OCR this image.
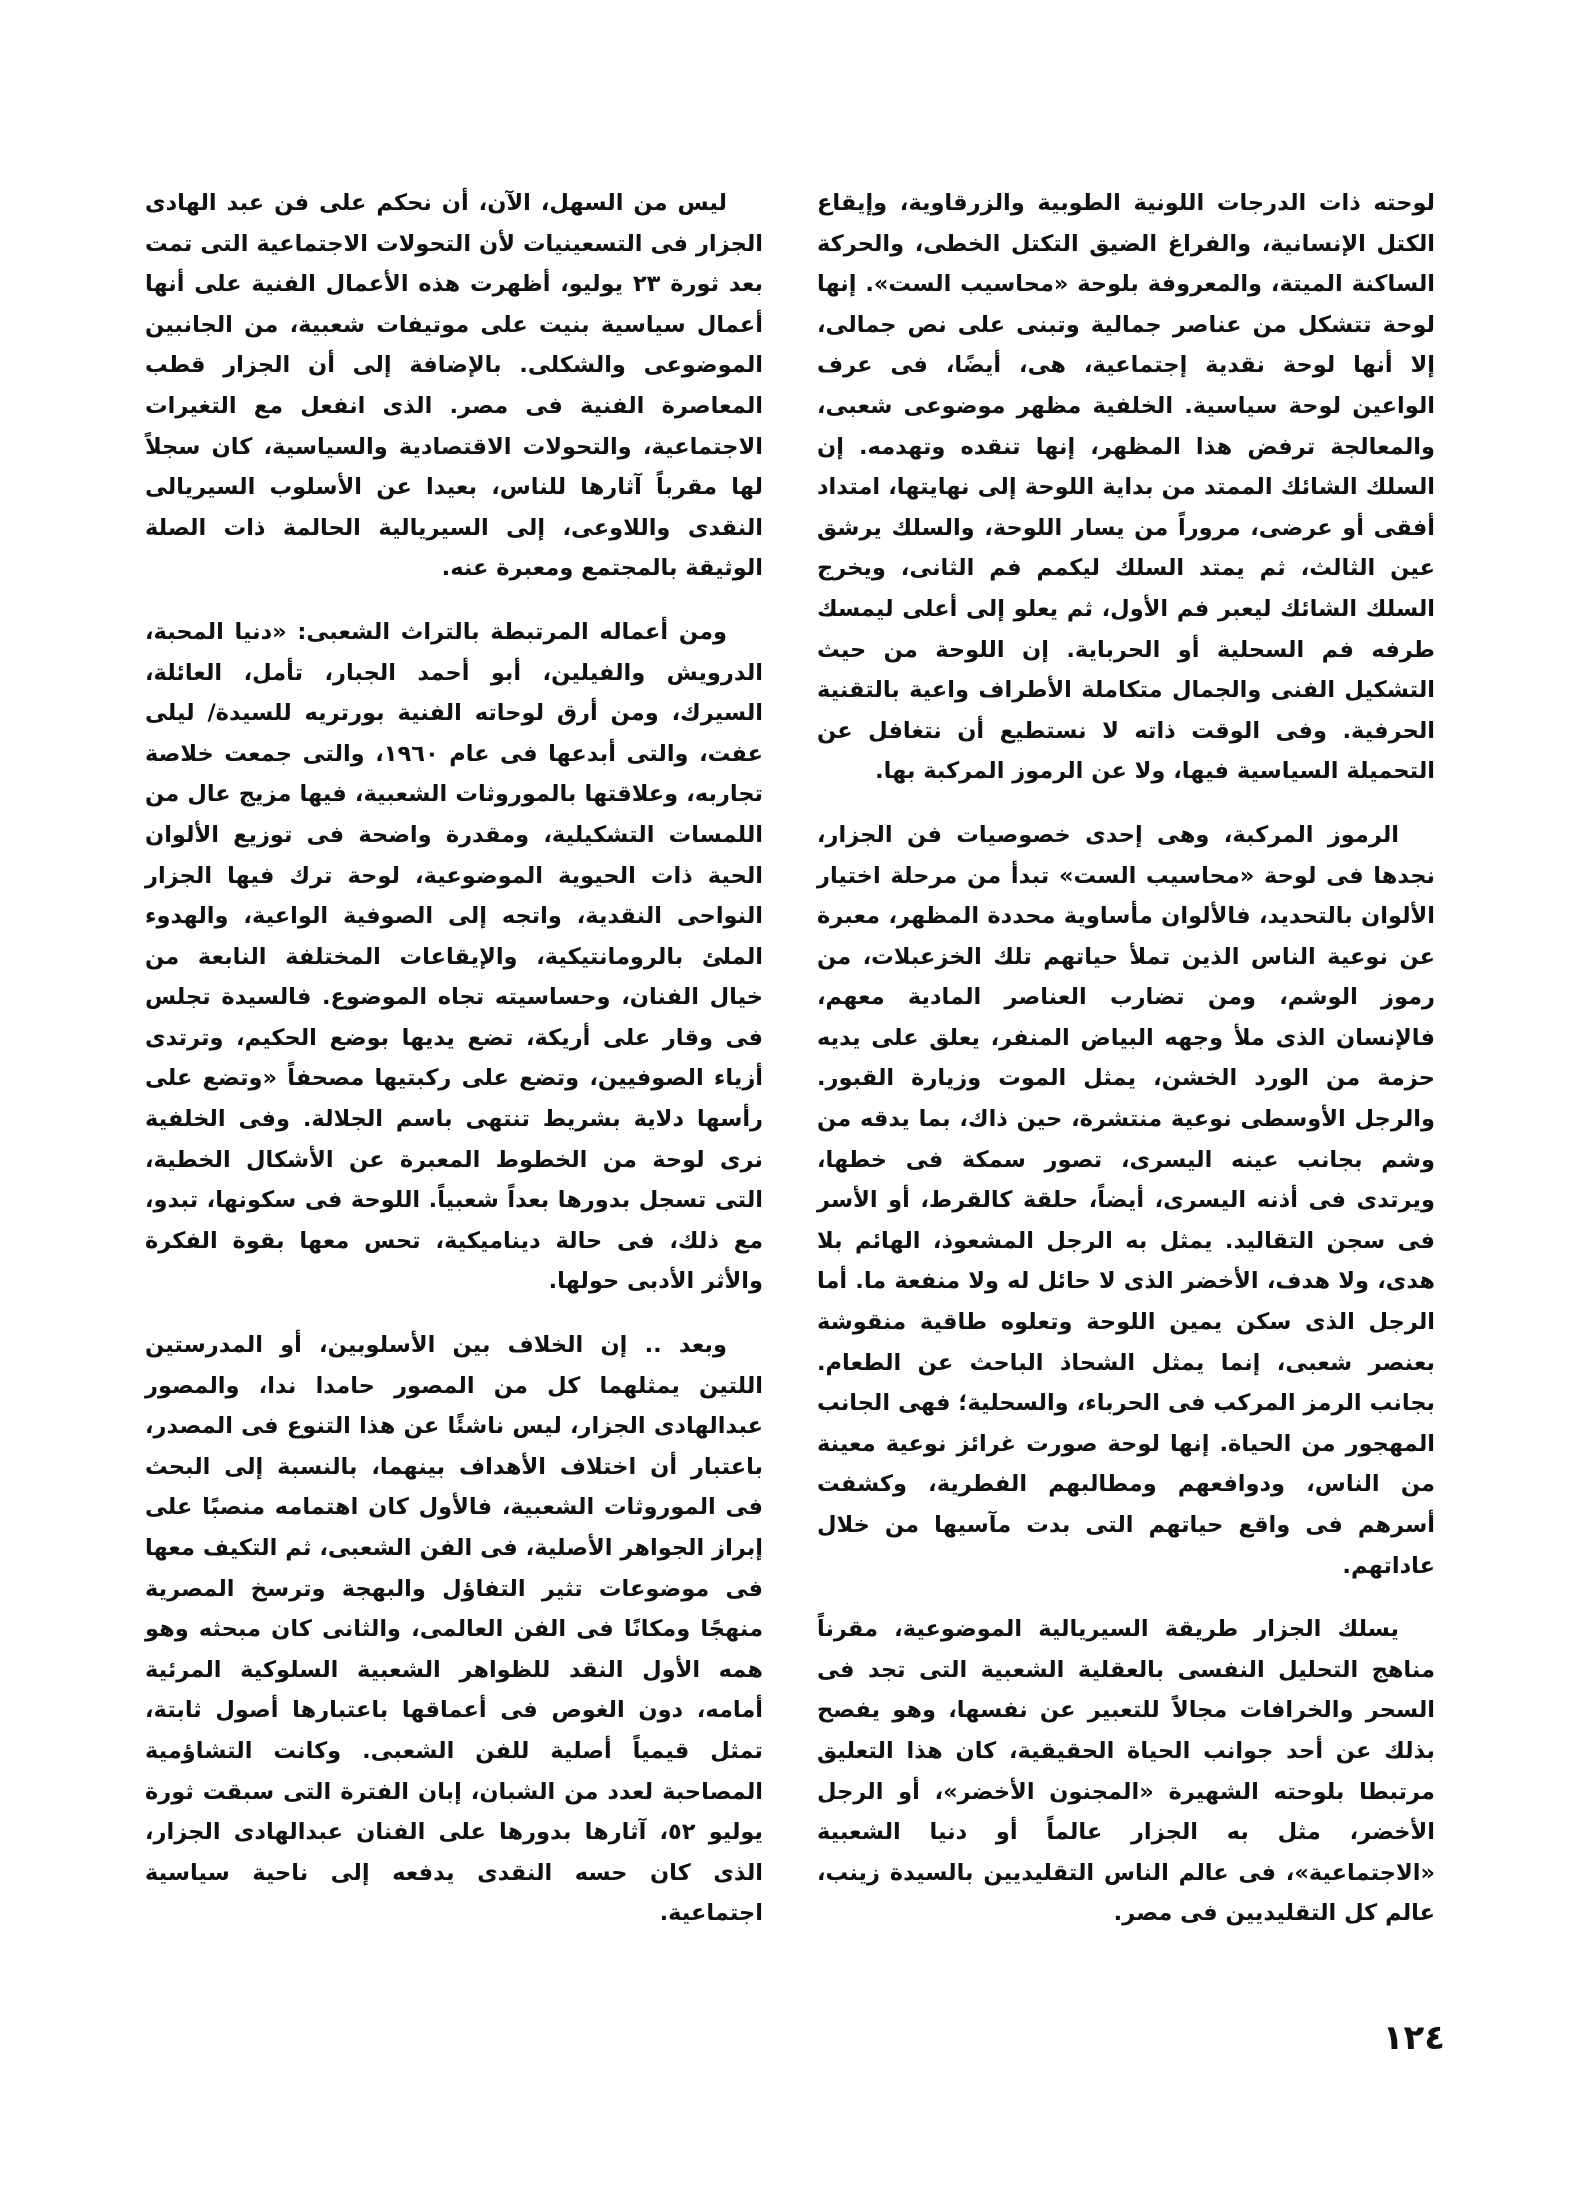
لوحته ذات الدرجات اللونية الطوبية والزرقاوية، وإيقاع الكتل الإنسانية، والفراغ الضيق التكتل الخطى، والحركة الساكنة الميتة، والمعروفة بلوحة «محاسيب الست». إنها لوحة تتشكل من عناصر جمالية وتبنى على نص جمالى، إلا أنها لوحة نقدية إجتماعية، هى، أيضًا، فى عرف الواعين لوحة سياسية. الخلفية مظهر موضوعى شعبى، والمعالجة ترفض هذا المظهر، إنها تنقده وتهدمه. إن السلك الشائك الممتد من بداية اللوحة إلى نهايتها، امتداد أفقى أو عرضى، مروراً من يسار اللوحة، والسلك يرشق عين الثالث، ثم يمتد السلك ليكمم فم الثانى، ويخرج السلك الشائك ليعبر فم الأول، ثم يعلو إلى أعلى ليمسك طرفه فم السحلية أو الحرباية. إن اللوحة من حيث التشكيل الفنى والجمال متكاملة الأطراف واعية بالتقنية الحرفية. وفى الوقت ذاته لا نستطيع أن نتغافل عن التحميلة السياسية فيها، ولا عن الرموز المركبة بها.

الرموز المركبة، وهى إحدى خصوصيات فن الجزار، نجدها فى لوحة «محاسيب الست» تبدأ من مرحلة اختيار الألوان بالتحديد، فالألوان مأساوية محددة المظهر، معبرة عن نوعية الناس الذين تملأ حياتهم تلك الخزعبلات، من رموز الوشم، ومن تضارب العناصر المادية معهم، فالإنسان الذى ملأ وجهه البياض المنفر، يعلق على يديه حزمة من الورد الخشن، يمثل الموت وزيارة القبور. والرجل الأوسطى نوعية منتشرة، حين ذاك، بما يدقه من وشم بجانب عينه اليسرى، تصور سمكة فى خطها، ويرتدى فى أذنه اليسرى، أيضاً، حلقة كالقرط، أو الأسر فى سجن التقاليد. يمثل به الرجل المشعوذ، الهائم بلا هدى، ولا هدف، الأخضر الذى لا حائل له ولا منفعة ما. أما الرجل الذى سكن يمين اللوحة وتعلوه طاقية منقوشة بعنصر شعبى، إنما يمثل الشحاذ الباحث عن الطعام. بجانب الرمز المركب فى الحرباء، والسحلية؛ فهى الجانب المهجور من الحياة. إنها لوحة صورت غرائز نوعية معينة من الناس، ودوافعهم ومطالبهم الفطرية، وكشفت أسرهم فى واقع حياتهم التى بدت مآسيها من خلال عاداتهم.

يسلك الجزار طريقة السيريالية الموضوعية، مقرناً مناهج التحليل النفسى بالعقلية الشعبية التى تجد فى السحر والخرافات مجالاً للتعبير عن نفسها، وهو يفصح بذلك عن أحد جوانب الحياة الحقيقية، كان هذا التعليق مرتبطا بلوحته الشهيرة «المجنون الأخضر»، أو الرجل الأخضر، مثل به الجزار عالماً أو دنيا الشعبية «الاجتماعية»، فى عالم الناس التقليديين بالسيدة زينب، عالم كل التقليديين فى مصر.

ليس من السهل، الآن، أن نحكم على فن عبد الهادى الجزار فى التسعينيات لأن التحولات الاجتماعية التى تمت بعد ثورة ٢٣ يوليو، أظهرت هذه الأعمال الفنية على أنها أعمال سياسية بنيت على موتيفات شعبية، من الجانبين الموضوعى والشكلى. بالإضافة إلى أن الجزار قطب المعاصرة الفنية فى مصر. الذى انفعل مع التغيرات الاجتماعية، والتحولات الاقتصادية والسياسية، كان سجلاً لها مقرباً آثارها للناس، بعيدا عن الأسلوب السيريالى النقدى واللاوعى، إلى السيريالية الحالمة ذات الصلة الوثيقة بالمجتمع ومعبرة عنه.

ومن أعماله المرتبطة بالتراث الشعبى: «دنيا المحبة، الدرويش والفيلين، أبو أحمد الجبار، تأمل، العائلة، السيرك، ومن أرق لوحاته الفنية بورتريه للسيدة/ ليلى عفت، والتى أبدعها فى عام ١٩٦٠، والتى جمعت خلاصة تجاربه، وعلاقتها بالموروثات الشعبية، فيها مزيج عال من اللمسات التشكيلية، ومقدرة واضحة فى توزيع الألوان الحية ذات الحيوية الموضوعية، لوحة ترك فيها الجزار النواحى النقدية، واتجه إلى الصوفية الواعية، والهدوء الملئ بالرومانتيكية، والإيقاعات المختلفة النابعة من خيال الفنان، وحساسيته تجاه الموضوع. فالسيدة تجلس فى وقار على أريكة، تضع يديها بوضع الحكيم، وترتدى أزياء الصوفيين، وتضع على ركبتيها مصحفاً «وتضع على رأسها دلاية بشريط تنتهى باسم الجلالة. وفى الخلفية نرى لوحة من الخطوط المعبرة عن الأشكال الخطية، التى تسجل بدورها بعداً شعبياً. اللوحة فى سكونها، تبدو، مع ذلك، فى حالة ديناميكية، تحس معها بقوة الفكرة والأثر الأدبى حولها.

وبعد .. إن الخلاف بين الأسلوبين، أو المدرستين اللتين يمثلهما كل من المصور حامدا ندا، والمصور عبدالهادى الجزار، ليس ناشئًا عن هذا التنوع فى المصدر، باعتبار أن اختلاف الأهداف بينهما، بالنسبة إلى البحث فى الموروثات الشعبية، فالأول كان اهتمامه منصبًا على إبراز الجواهر الأصلية، فى الفن الشعبى، ثم التكيف معها فى موضوعات تثير التفاؤل والبهجة وترسخ المصرية منهجًا ومكانًا فى الفن العالمى، والثانى كان مبحثه وهو همه الأول النقد للظواهر الشعبية السلوكية المرئية أمامه، دون الغوص فى أعماقها باعتبارها أصول ثابتة، تمثل قيمياً أصلية للفن الشعبى. وكانت التشاؤمية المصاحبة لعدد من الشبان، إبان الفترة التى سبقت ثورة يوليو ٥٢، آثارها بدورها على الفنان عبدالهادى الجزار، الذى كان حسه النقدى يدفعه إلى ناحية سياسية اجتماعية.

١٢٤
